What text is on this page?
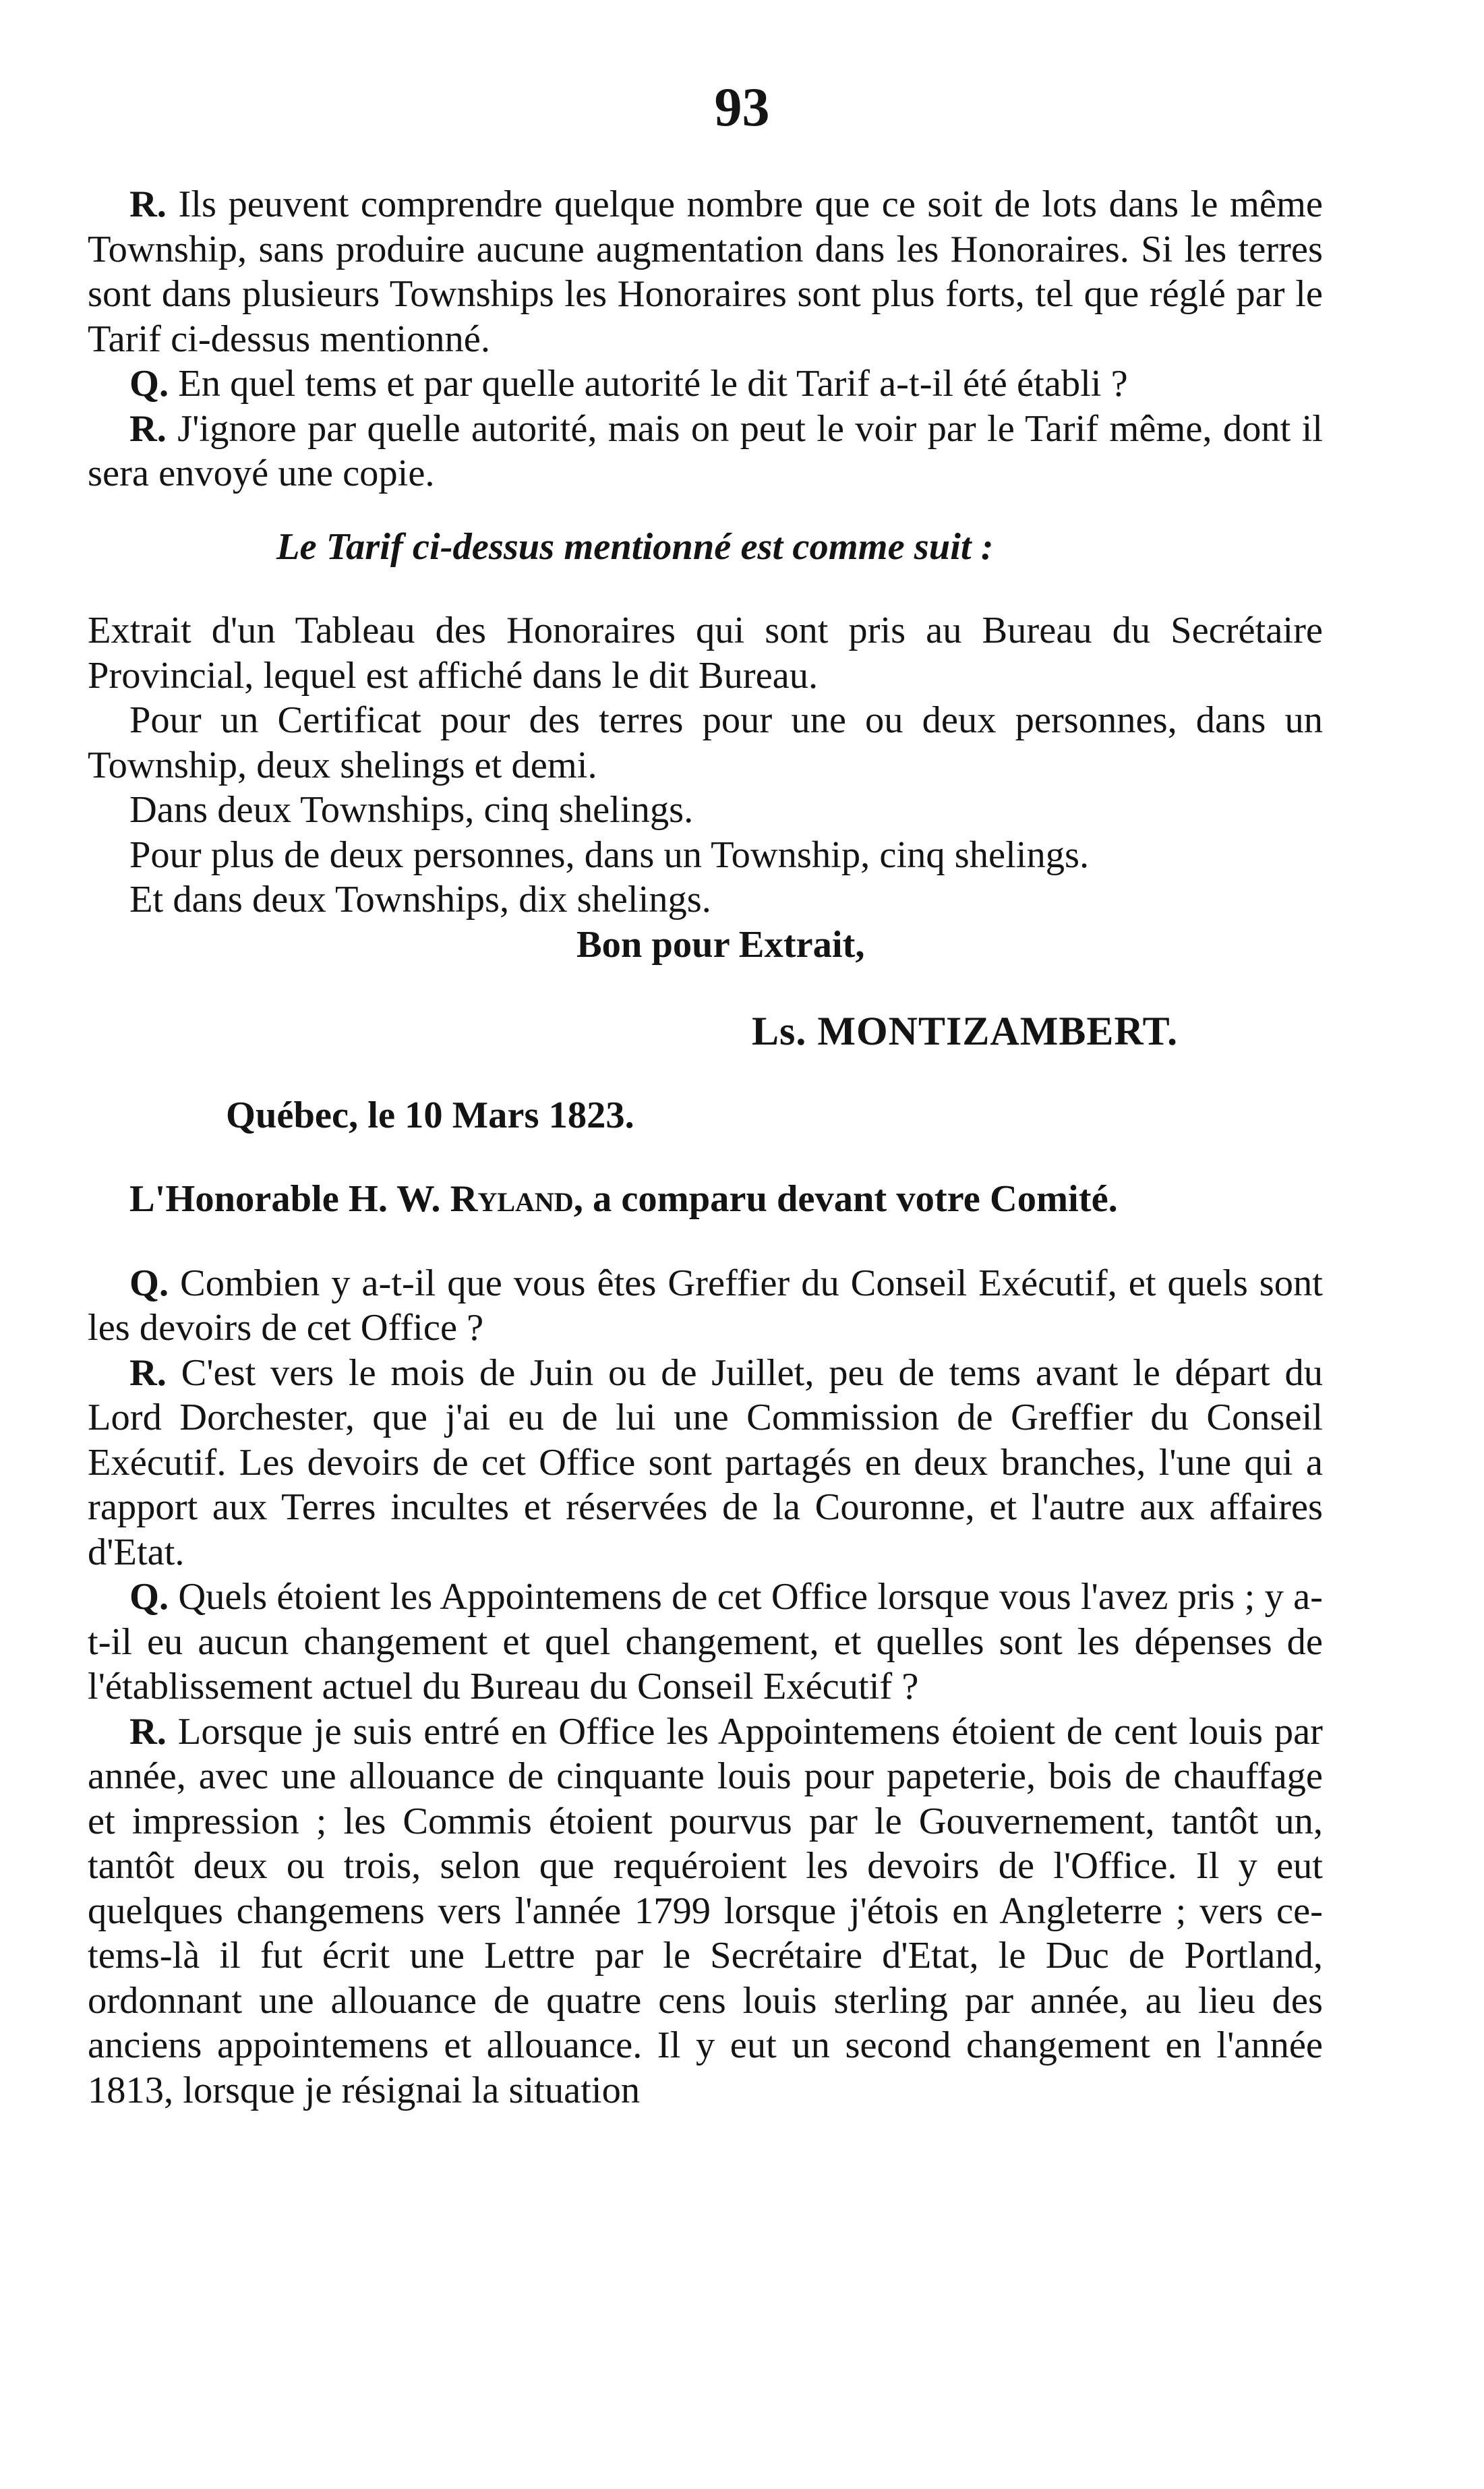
93

R. Ils peuvent comprendre quelque nombre que ce soit de lots dans le même Township, sans produire aucune augmentation dans les Honoraires. Si les terres sont dans plusieurs Townships les Honoraires sont plus forts, tel que réglé par le Tarif ci-dessus mentionné.

Q. En quel tems et par quelle autorité le dit Tarif a-t-il été établi ?

R. J'ignore par quelle autorité, mais on peut le voir par le Tarif même, dont il sera envoyé une copie.

Le Tarif ci-dessus mentionné est comme suit :

Extrait d'un Tableau des Honoraires qui sont pris au Bureau du Secrétaire Provincial, lequel est affiché dans le dit Bureau.

Pour un Certificat pour des terres pour une ou deux personnes, dans un Township, deux shelings et demi.

Dans deux Townships, cinq shelings.

Pour plus de deux personnes, dans un Township, cinq shelings.

Et dans deux Townships, dix shelings.

Bon pour Extrait,

Ls. MONTIZAMBERT.

Québec, le 10 Mars 1823.

L'Honorable H. W. Ryland, a comparu devant votre Comité.

Q. Combien y a-t-il que vous êtes Greffier du Conseil Exécutif, et quels sont les devoirs de cet Office ?

R. C'est vers le mois de Juin ou de Juillet, peu de tems avant le départ du Lord Dorchester, que j'ai eu de lui une Commission de Greffier du Conseil Exécutif. Les devoirs de cet Office sont partagés en deux branches, l'une qui a rapport aux Terres incultes et réservées de la Couronne, et l'autre aux affaires d'Etat.

Q. Quels étoient les Appointemens de cet Office lorsque vous l'avez pris ; y a-t-il eu aucun changement et quel changement, et quelles sont les dépenses de l'établissement actuel du Bureau du Conseil Exécutif ?

R. Lorsque je suis entré en Office les Appointemens étoient de cent louis par année, avec une allouance de cinquante louis pour papeterie, bois de chauffage et impression ; les Commis étoient pourvus par le Gouvernement, tantôt un, tantôt deux ou trois, selon que requéroient les devoirs de l'Office. Il y eut quelques changemens vers l'année 1799 lorsque j'étois en Angleterre ; vers ce-tems-là il fut écrit une Lettre par le Secrétaire d'Etat, le Duc de Portland, ordonnant une allouance de quatre cens louis sterling par année, au lieu des anciens appointemens et allouance. Il y eut un second changement en l'année 1813, lorsque je résignai la situation
